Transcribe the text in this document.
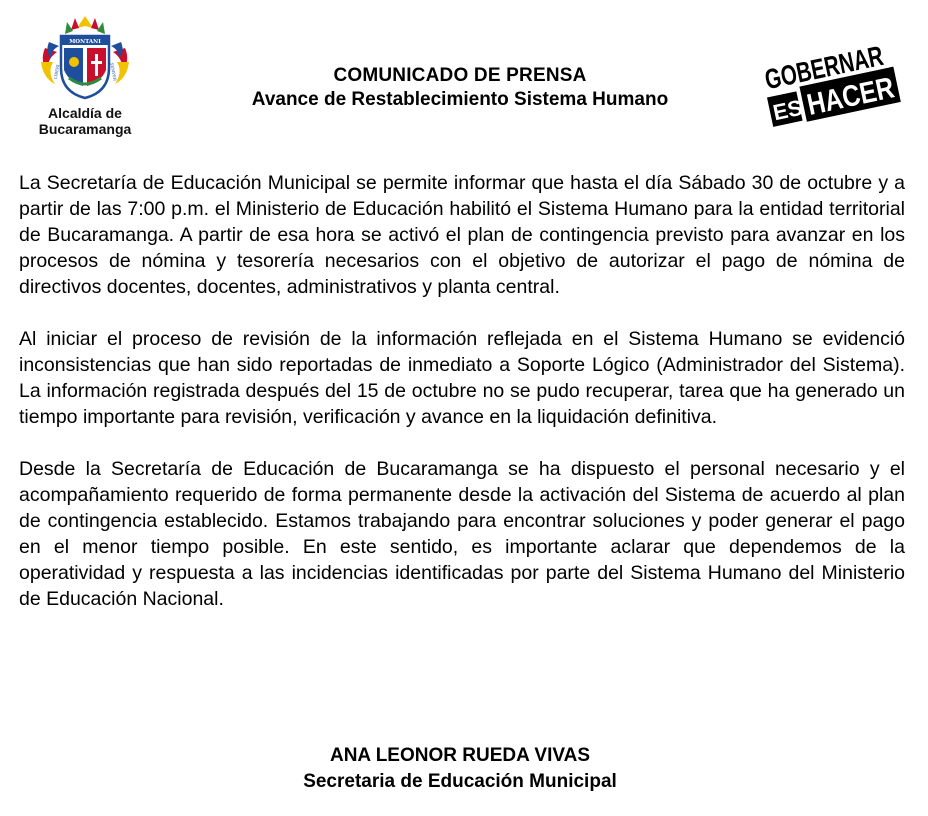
MONTANI
LIBERI	SEMPER
Alcaldía de
Bucaramanga
COMUNICADO DE PRENSA
Avance de Restablecimiento Sistema Humano
GOBERNAR
ES HACER

La Secretaría de Educación Municipal se permite informar que hasta el día Sábado 30 de octubre y a partir de las 7:00 p.m. el Ministerio de Educación habilitó el Sistema Humano para la entidad territorial de Bucaramanga. A partir de esa hora se activó el plan de contingencia previsto para avanzar en los procesos de nómina y tesorería necesarios con el objetivo de autorizar el pago de nómina de directivos docentes, docentes, administrativos y planta central.

Al iniciar el proceso de revisión de la información reflejada en el Sistema Humano se evidenció inconsistencias que han sido reportadas de inmediato a Soporte Lógico (Administrador del Sistema). La información registrada después del 15 de octubre no se pudo recuperar, tarea que ha generado un tiempo importante para revisión, verificación y avance en la liquidación definitiva.

Desde la Secretaría de Educación de Bucaramanga se ha dispuesto el personal necesario y el acompañamiento requerido de forma permanente desde la activación del Sistema de acuerdo al plan de contingencia establecido. Estamos trabajando para encontrar soluciones y poder generar el pago en el menor tiempo posible. En este sentido, es importante aclarar que dependemos de la operatividad y respuesta a las incidencias identificadas por parte del Sistema Humano del Ministerio de Educación Nacional.

ANA LEONOR RUEDA VIVAS
Secretaria de Educación Municipal
